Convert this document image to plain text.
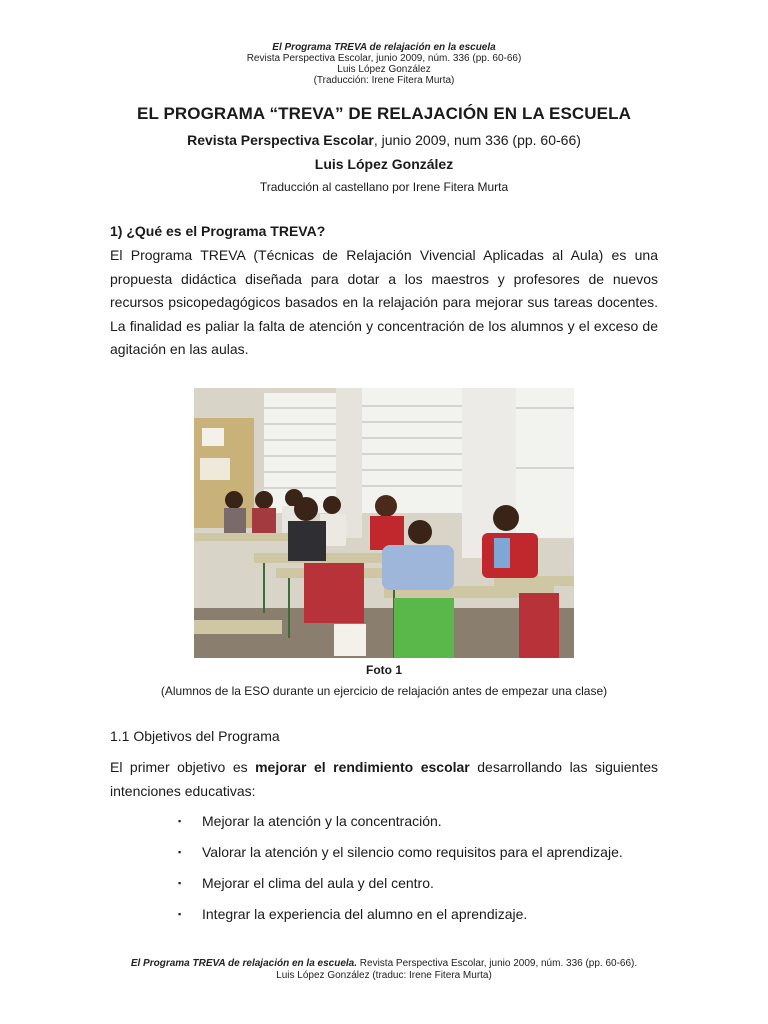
El Programa TREVA de relajación en la escuela
Revista Perspectiva Escolar, junio 2009, núm. 336 (pp. 60-66)
Luis López González
(Traducción: Irene Fitera Murta)
EL PROGRAMA “TREVA” DE RELAJACIÓN EN LA ESCUELA
Revista Perspectiva Escolar, junio 2009, num 336 (pp. 60-66)
Luis López González
Traducción al castellano por Irene Fitera Murta
1) ¿Qué es el Programa TREVA?
El Programa TREVA (Técnicas de Relajación Vivencial Aplicadas al Aula) es una propuesta didáctica diseñada para dotar a los maestros y profesores de nuevos recursos psicopedagógicos basados en la relajación para mejorar sus tareas docentes. La finalidad es paliar la falta de atención y concentración de los alumnos y el exceso de agitación en las aulas.
Foto 1
(Alumnos de la ESO durante un ejercicio de relajación antes de empezar una clase)
1.1 Objetivos del Programa
El primer objetivo es mejorar el rendimiento escolar desarrollando las siguientes intenciones educativas:
▪ Mejorar la atención y la concentración.
▪ Valorar la atención y el silencio como requisitos para el aprendizaje.
▪ Mejorar el clima del aula y del centro.
▪ Integrar la experiencia del alumno en el aprendizaje.
El Programa TREVA de relajación en la escuela. Revista Perspectiva Escolar, junio 2009, núm. 336 (pp. 60-66).
Luis López González (traduc: Irene Fitera Murta)
